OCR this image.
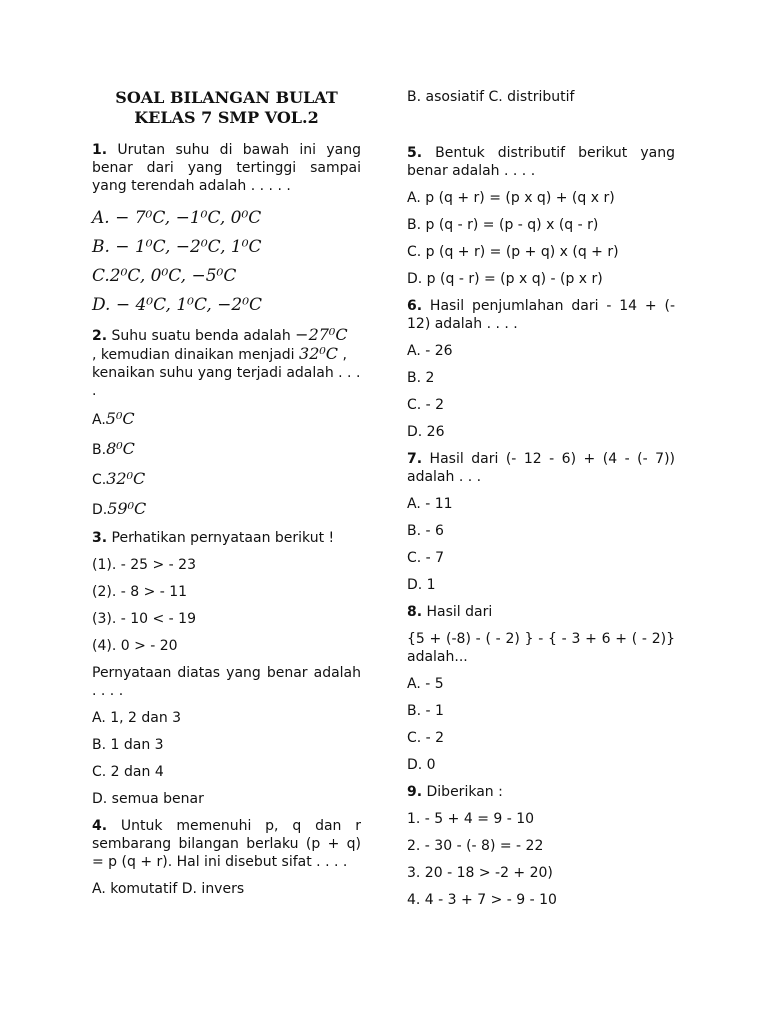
SOAL BILANGAN BULAT
KELAS 7 SMP VOL.2

1. Urutan suhu di bawah ini yang benar dari yang tertinggi sampai yang terendah adalah . . . . .

A. − 7⁰C, −1⁰C, 0⁰C
B. − 1⁰C, −2⁰C, 1⁰C
C.2⁰C, 0⁰C, −5⁰C
D. − 4⁰C, 1⁰C, −2⁰C

2. Suhu suatu benda adalah −27⁰C
, kemudian dinaikan menjadi 32⁰C , kenaikan suhu yang terjadi adalah . . . .

A.5⁰C
B.8⁰C
C.32⁰C
D.59⁰C

3. Perhatikan pernyataan berikut !

(1). - 25 > - 23
(2). - 8 > - 11
(3). - 10 < - 19
(4). 0 > - 20

Pernyataan diatas yang benar adalah . . . .

A. 1, 2 dan 3
B. 1 dan 3
C. 2 dan 4
D. semua benar

4. Untuk memenuhi p, q dan r sembarang bilangan berlaku (p + q) = p (q + r). Hal ini disebut sifat . . . .

A. komutatif D. invers
B. asosiatif C. distributif

5. Bentuk distributif berikut yang benar adalah . . . .

A. p (q + r) = (p x q) + (q x r)
B. p (q - r) = (p - q) x (q - r)
C. p (q + r) = (p + q) x (q + r)
D. p (q - r) = (p x q) - (p x r)

6. Hasil penjumlahan dari - 14 + (- 12) adalah . . . .

A. - 26
B. 2
C. - 2
D. 26

7. Hasil dari (- 12 - 6) + (4 - (- 7)) adalah . . .

A. - 11
B. - 6
C. - 7
D. 1

8. Hasil dari

{5 + (-8) - ( - 2) } - { - 3 + 6 + ( - 2)} adalah...

A. - 5
B. - 1
C. - 2
D. 0

9. Diberikan :

1. - 5 + 4 = 9 - 10
2. - 30 - (- 8) = - 22
3. 20 - 18 > -2 + 20)
4. 4 - 3 + 7 > - 9 - 10
